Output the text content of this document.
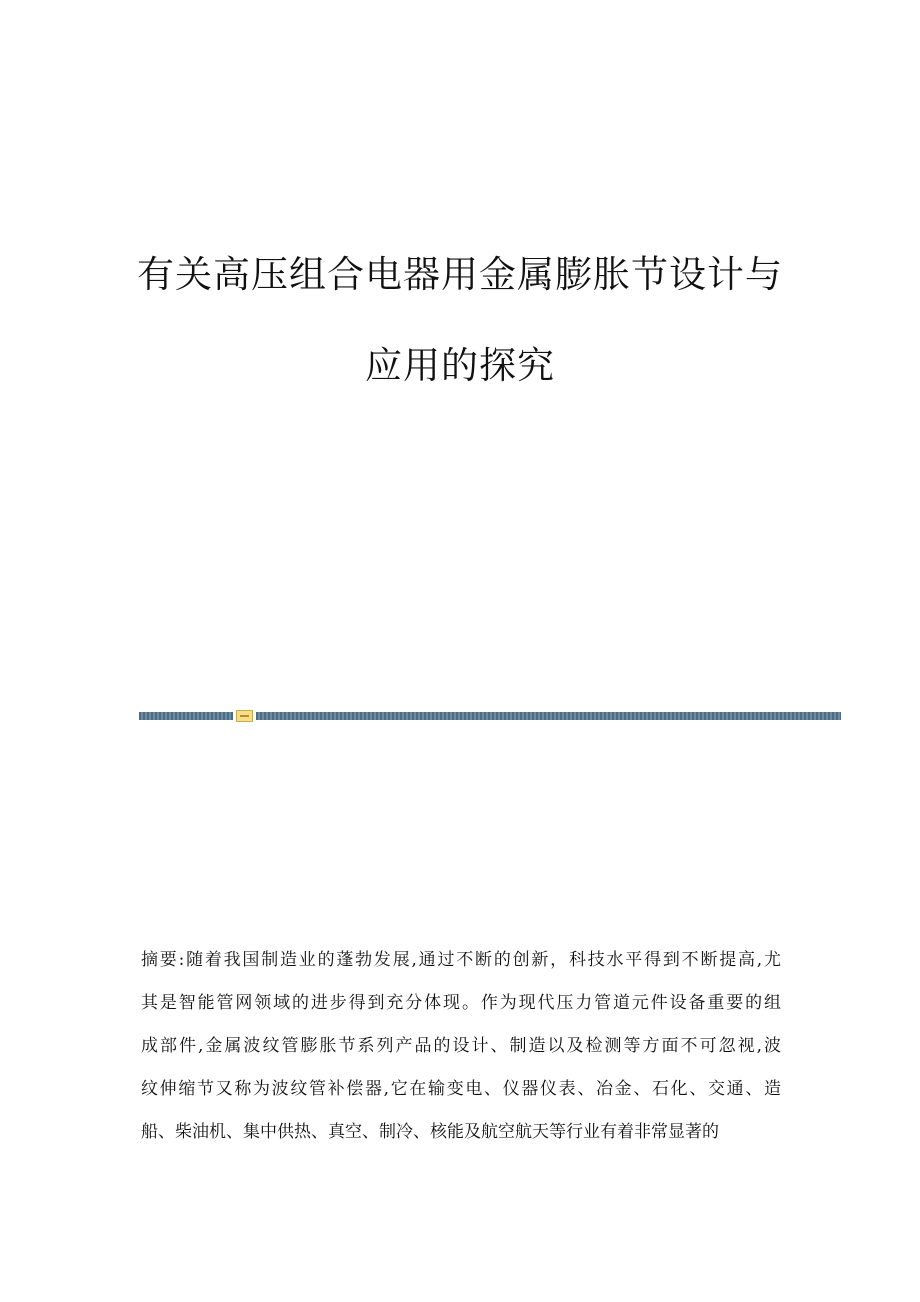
有关高压组合电器用金属膨胀节设计与
应用的探究
摘要:随着我国制造业的蓬勃发展,通过不断的创新，科技水平得到不断提高,尤
其是智能管网领域的进步得到充分体现。作为现代压力管道元件设备重要的组
成部件,金属波纹管膨胀节系列产品的设计、制造以及检测等方面不可忽视,波
纹伸缩节又称为波纹管补偿器,它在输变电、仪器仪表、冶金、石化、交通、造
船、柴油机、集中供热、真空、制冷、核能及航空航天等行业有着非常显著的
